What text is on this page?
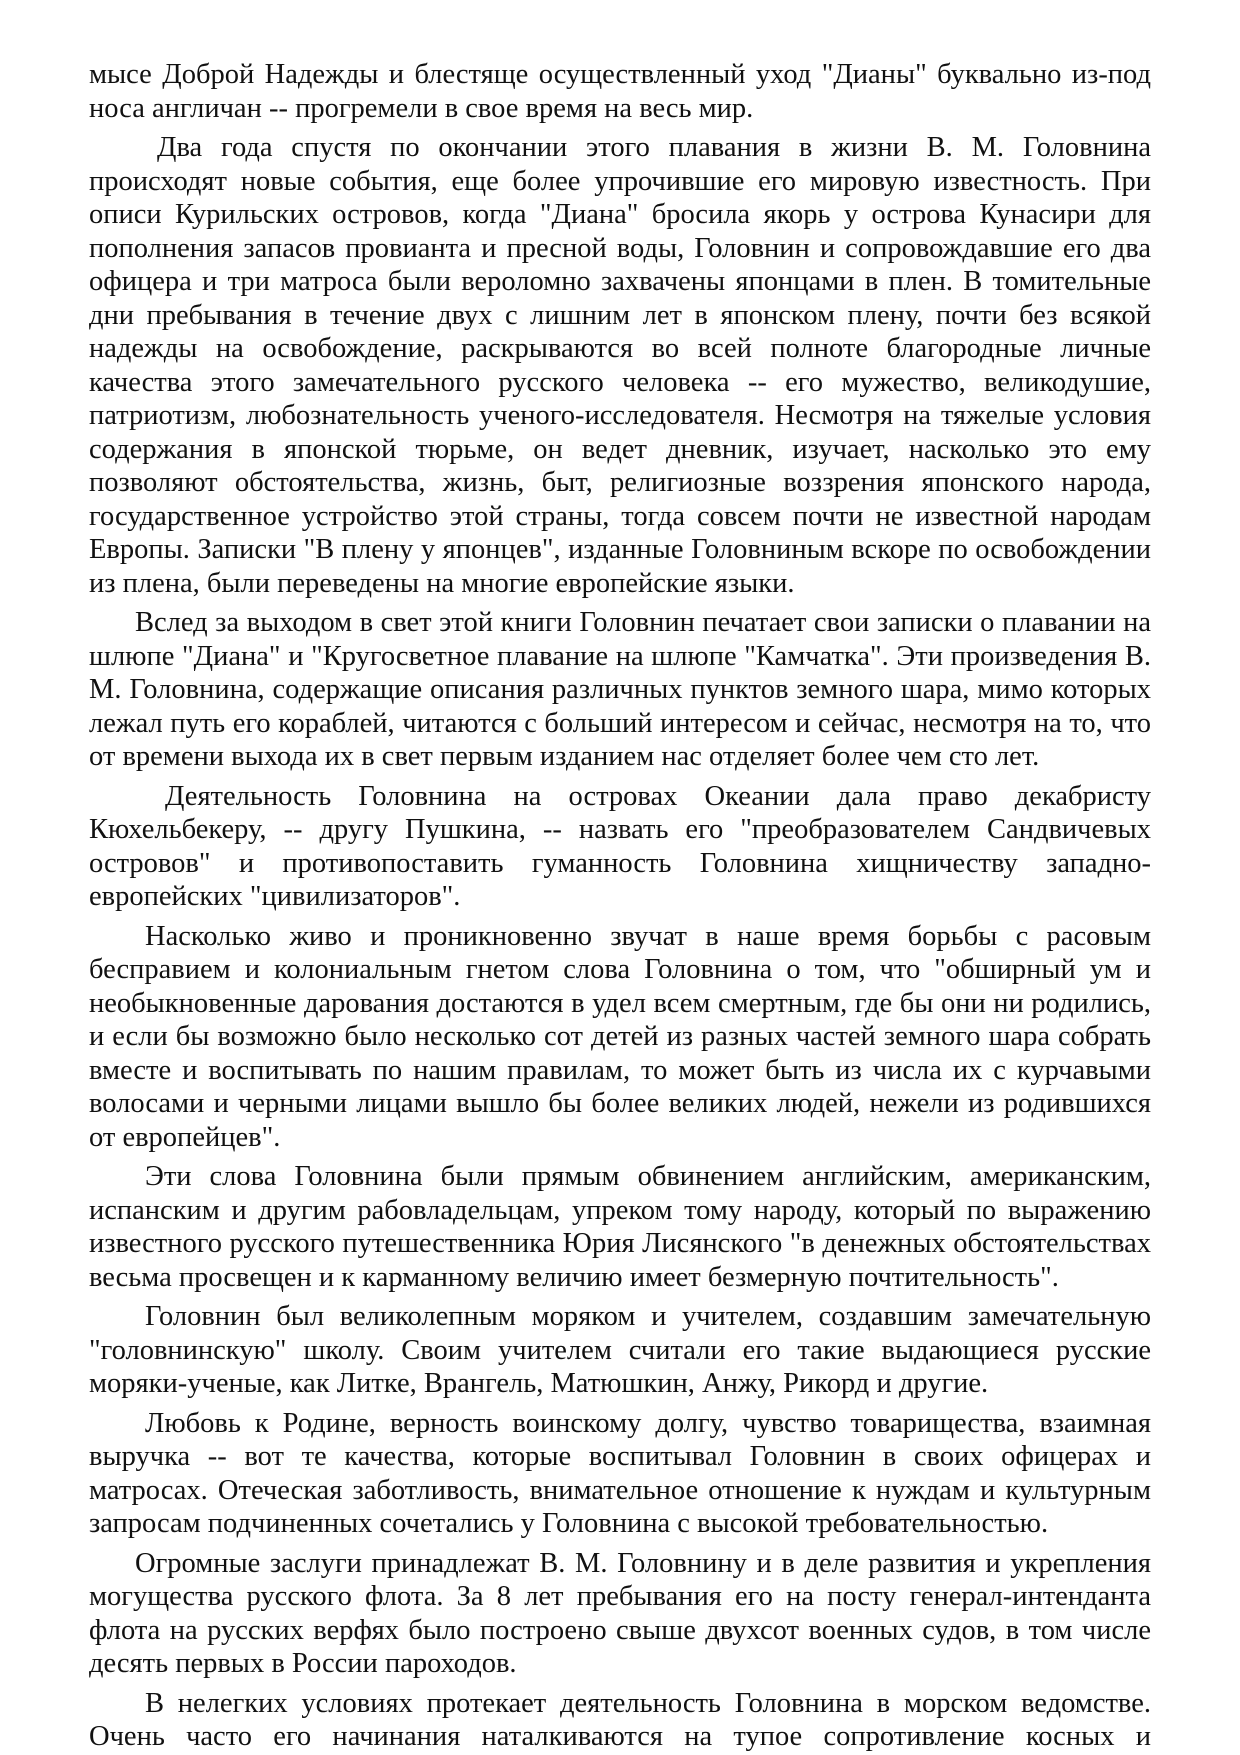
мысе Доброй Надежды и блестяще осуществленный уход "Дианы" буквально из-под носа англичан -- прогремели в свое время на весь мир.

Два года спустя по окончании этого плавания в жизни В. М. Головнина происходят новые события, еще более упрочившие его мировую известность. При описи Курильских островов, когда "Диана" бросила якорь у острова Кунасири для пополнения запасов провианта и пресной воды, Головнин и сопровождавшие его два офицера и три матроса были вероломно захвачены японцами в плен. В томительные дни пребывания в течение двух с лишним лет в японском плену, почти без всякой надежды на освобождение, раскрываются во всей полноте благородные личные качества этого замечательного русского человека -- его мужество, великодушие, патриотизм, любознательность ученого-исследователя. Несмотря на тяжелые условия содержания в японской тюрьме, он ведет дневник, изучает, насколько это ему позволяют обстоятельства, жизнь, быт, религиозные воззрения японского народа, государственное устройство этой страны, тогда совсем почти не известной народам Европы. Записки "В плену у японцев", изданные Головниным вскоре по освобождении из плена, были переведены на многие европейские языки.

Вслед за выходом в свет этой книги Головнин печатает свои записки о плавании на шлюпе "Диана" и "Кругосветное плавание на шлюпе "Камчатка". Эти произведения В. М. Головнина, содержащие описания различных пунктов земного шара, мимо которых лежал путь его кораблей, читаются с больший интересом и сейчас, несмотря на то, что от времени выхода их в свет первым изданием нас отделяет более чем сто лет.

Деятельность Головнина на островах Океании дала право декабристу Кюхельбекеру, -- другу Пушкина, -- назвать его "преобразователем Сандвичевых островов" и противопоставить гуманность Головнина хищничеству западно-европейских "цивилизаторов".

Насколько живо и проникновенно звучат в наше время борьбы с расовым бесправием и колониальным гнетом слова Головнина о том, что "обширный ум и необыкновенные дарования достаются в удел всем смертным, где бы они ни родились, и если бы возможно было несколько сот детей из разных частей земного шара собрать вместе и воспитывать по нашим правилам, то может быть из числа их с курчавыми волосами и черными лицами вышло бы более великих людей, нежели из родившихся от европейцев".

Эти слова Головнина были прямым обвинением английским, американским, испанским и другим рабовладельцам, упреком тому народу, который по выражению известного русского путешественника Юрия Лисянского "в денежных обстоятельствах весьма просвещен и к карманному величию имеет безмерную почтительность".

Головнин был великолепным моряком и учителем, создавшим замечательную "головнинскую" школу. Своим учителем считали его такие выдающиеся русские моряки-ученые, как Литке, Врангель, Матюшкин, Анжу, Рикорд и другие.

Любовь к Родине, верность воинскому долгу, чувство товарищества, взаимная выручка -- вот те качества, которые воспитывал Головнин в своих офицерах и матросах. Отеческая заботливость, внимательное отношение к нуждам и культурным запросам подчиненных сочетались у Головнина с высокой требовательностью.

Огромные заслуги принадлежат В. М. Головнину и в деле развития и укрепления могущества русского флота. За 8 лет пребывания его на посту генерал-интенданта флота на русских верфях было построено свыше двухсот военных судов, в том числе десять первых в России пароходов.

В нелегких условиях протекает деятельность Головнина в морском ведомстве. Очень часто его начинания наталкиваются на тупое сопротивление косных и
